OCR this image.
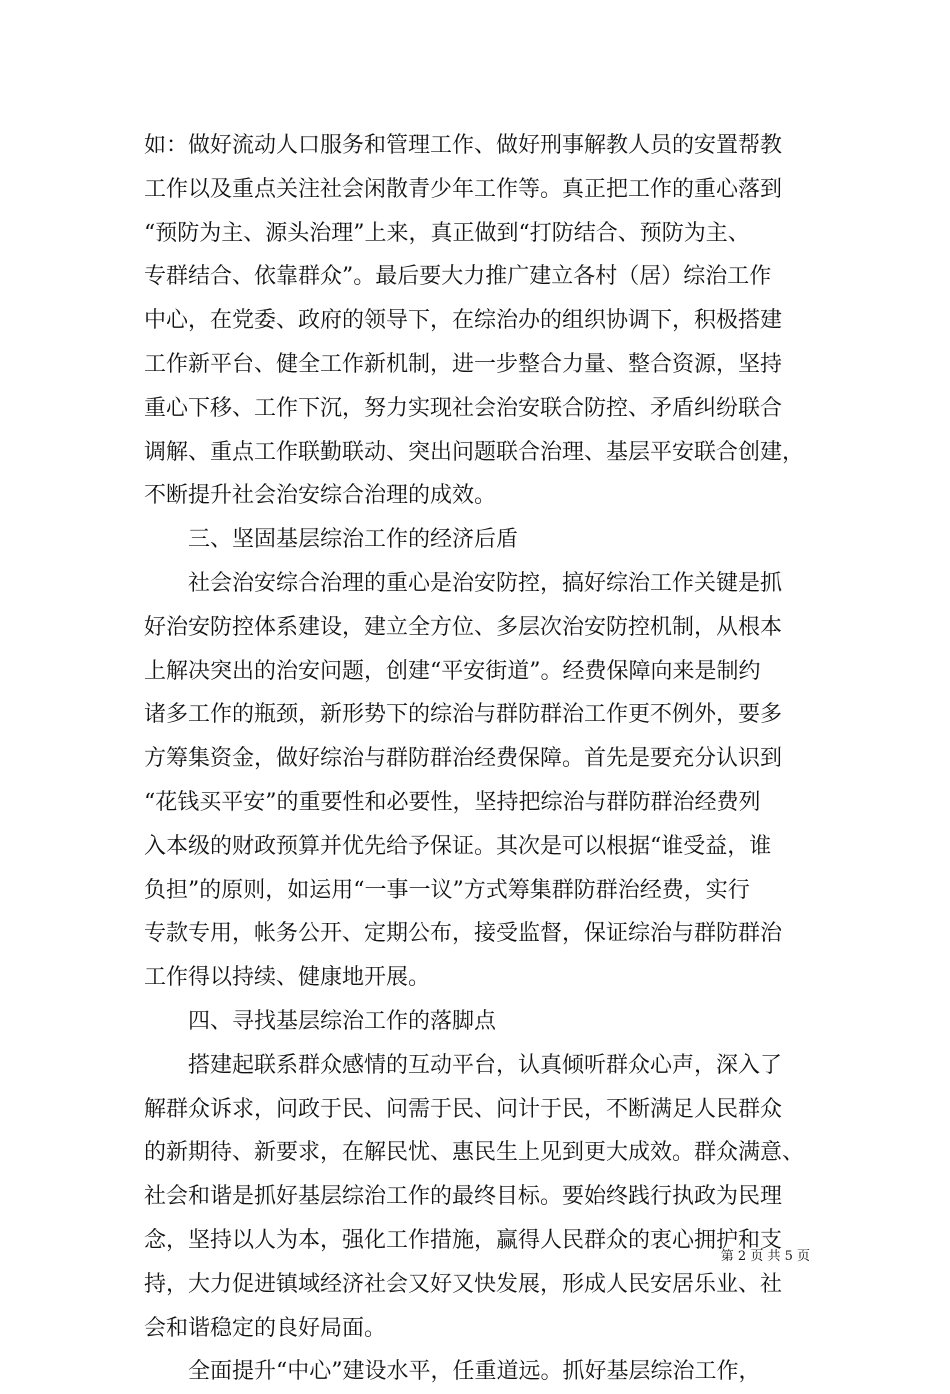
如：做好流动人口服务和管理工作、做好刑事解教人员的安置帮教
工作以及重点关注社会闲散青少年工作等。真正把工作的重心落到
“预防为主、源头治理”上来，真正做到“打防结合、预防为主、
专群结合、依靠群众”。最后要大力推广建立各村（居）综治工作
中心，在党委、政府的领导下，在综治办的组织协调下，积极搭建
工作新平台、健全工作新机制，进一步整合力量、整合资源，坚持
重心下移、工作下沉，努力实现社会治安联合防控、矛盾纠纷联合
调解、重点工作联勤联动、突出问题联合治理、基层平安联合创建，
不断提升社会治安综合治理的成效。
三、坚固基层综治工作的经济后盾
社会治安综合治理的重心是治安防控，搞好综治工作关键是抓
好治安防控体系建设，建立全方位、多层次治安防控机制，从根本
上解决突出的治安问题，创建“平安街道”。经费保障向来是制约
诸多工作的瓶颈，新形势下的综治与群防群治工作更不例外，要多
方筹集资金，做好综治与群防群治经费保障。首先是要充分认识到
“花钱买平安”的重要性和必要性，坚持把综治与群防群治经费列
入本级的财政预算并优先给予保证。其次是可以根据“谁受益，谁
负担”的原则，如运用“一事一议”方式筹集群防群治经费，实行
专款专用，帐务公开、定期公布，接受监督，保证综治与群防群治
工作得以持续、健康地开展。
四、寻找基层综治工作的落脚点
搭建起联系群众感情的互动平台，认真倾听群众心声，深入了
解群众诉求，问政于民、问需于民、问计于民，不断满足人民群众
的新期待、新要求，在解民忧、惠民生上见到更大成效。群众满意、
社会和谐是抓好基层综治工作的最终目标。要始终践行执政为民理
念，坚持以人为本，强化工作措施，赢得人民群众的衷心拥护和支
持，大力促进镇域经济社会又好又快发展，形成人民安居乐业、社
会和谐稳定的良好局面。
全面提升“中心”建设水平，任重道远。抓好基层综治工作，
第 2 页 共 5 页
